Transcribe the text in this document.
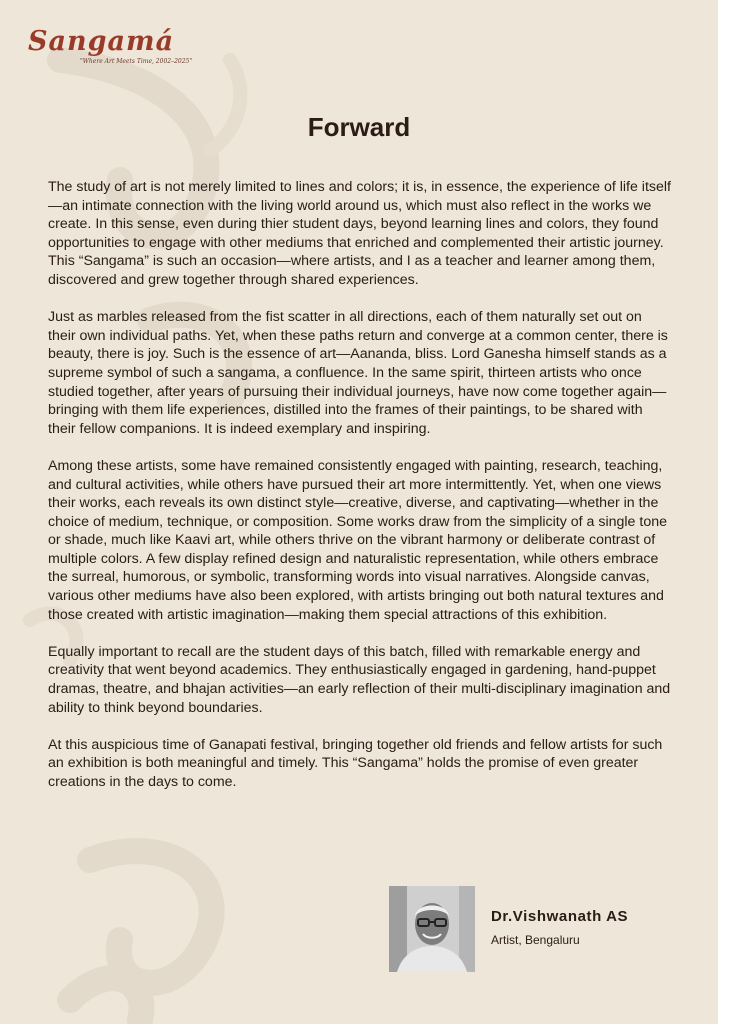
Sangamá
"Where Art Meets Time, 2002–2025"
Forward

The study of art is not merely limited to lines and colors; it is, in essence, the experience of life itself—an intimate connection with the living world around us, which must also reflect in the works we create. In this sense, even during thier student days, beyond learning lines and colors, they found opportunities to engage with other mediums that enriched and complemented their artistic journey. This “Sangama” is such an occasion—where artists, and I as a teacher and learner among them, discovered and grew together through shared experiences.

Just as marbles released from the fist scatter in all directions, each of them naturally set out on their own individual paths. Yet, when these paths return and converge at a common center, there is beauty, there is joy. Such is the essence of art—Aananda, bliss. Lord Ganesha himself stands as a supreme symbol of such a sangama, a confluence. In the same spirit, thirteen artists who once studied together, after years of pursuing their individual journeys, have now come together again—bringing with them life experiences, distilled into the frames of their paintings, to be shared with their fellow companions. It is indeed exemplary and inspiring.

Among these artists, some have remained consistently engaged with painting, research, teaching, and cultural activities, while others have pursued their art more intermittently. Yet, when one views their works, each reveals its own distinct style—creative, diverse, and captivating—whether in the choice of medium, technique, or composition. Some works draw from the simplicity of a single tone or shade, much like Kaavi art, while others thrive on the vibrant harmony or deliberate contrast of multiple colors. A few display refined design and naturalistic representation, while others embrace the surreal, humorous, or symbolic, transforming words into visual narratives. Alongside canvas, various other mediums have also been explored, with artists bringing out both natural textures and those created with artistic imagination—making them special attractions of this exhibition.

Equally important to recall are the student days of this batch, filled with remarkable energy and creativity that went beyond academics. They enthusiastically engaged in gardening, hand-puppet dramas, theatre, and bhajan activities—an early reflection of their multi-disciplinary imagination and ability to think beyond boundaries.

At this auspicious time of Ganapati festival, bringing together old friends and fellow artists for such an exhibition is both meaningful and timely. This “Sangama” holds the promise of even greater creations in the days to come.

Dr.Vishwanath AS
Artist, Bengaluru
